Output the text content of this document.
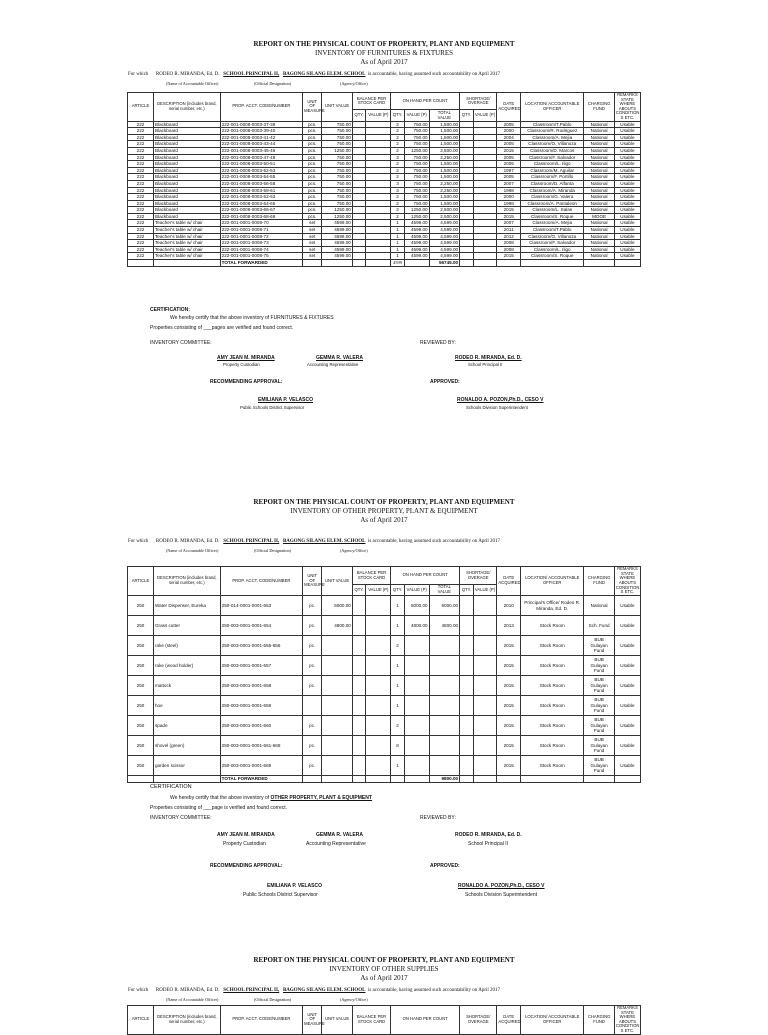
REPORT ON THE PHYSICAL COUNT OF PROPERTY, PLANT AND EQUIPMENT
INVENTORY OF FURNITURES & FIXTURES
As of April 2017
For which RODEO R. MIRANDA, Ed. D. SCHOOL PRINCIPAL II, BAGONG SILANG ELEM. SCHOOL is accountable, having assumed such accountability on April 2017
(Name of Accountable Officer)	(Official Designation)	(Agency/Office)
ARTICLE	DESCRIPTION (includes brand, serial number, etc.)	PROP. ACCT. CODE/NUMBER	UNIT OF MEASURE	UNIT VALUE	BALANCE PER STOCK CARD		ON HAND PER COUNT			SHORTAGE/ OVERAGE		DATE ACQUIRED	LOCATION/ ACCOUNTABLE OFFICER	CHARGING FUND	REMARKS STATE WHERE ABOUTS CONDITION S ETC.
					QTY.	VALUE (P)	QTY.	VALUE (P)	TOTAL VALUE	QTY.	VALUE (P)				
222	Blackboard	222-001-0008-0003-37-38	pcs.	750.00			2	750.00	1,500.00			2005	Classroom/T.Pablo	National	Usable
222	Blackboard	222-001-0008-0003-39-40	pcs.	750.00			2	750.00	1,500.00			2000	Classroom/R. Rodriguez	National	Usable
222	Blackboard	222-001-0008-0003-41-42	pcs.	750.00			2	750.00	1,500.00			2004	Classroom/A. Mejia	National	Usable
222	Blackboard	222-001-0008-0003-43-44	pcs.	750.00			2	750.00	1,500.00			2005	Classroom/O. Villanoza	National	Usable
222	Blackboard	222-001-0008-0003-45-46	pcs.	1250.00			2	1250.00	2,500.00			2015	Classroom/D. Marcos	National	Usable
222	Blackboard	222-001-0008-0003-47-49	pcs.	750.00			3	750.00	2,250.00			2005	Classroom/F. Salvador	National	Usable
222	Blackboard	222-001-0008-0003-50-51	pcs.	750.00			2	750.00	1,500.00			2005	Classroom/L. Iligo	National	Usable
222	Blackboard	222-001-0008-0003-52-53	pcs.	750.00			2	750.00	1,500.00			1997	Classroom/M. Aguilar	National	Usable
222	Blackboard	222-001-0008-0003-54-55	pcs.	750.00			2	750.00	1,500.00			2005	Classroom/F. Portillo	National	Usable
222	Blackboard	222-001-0008-0003-56-58	pcs.	750.00			3	750.00	2,250.00			2007	Classroom/D. Alfanta	National	Usable
222	Blackboard	222-001-0008-0003-59-61	pcs.	750.00			3	750.00	2,250.00			1998	Classroom/A. Miranda	National	Usable
222	Blackboard	222-001-0008-0003-62-63	pcs.	750.00			2	750.00	1,500.00			2000	Classroom/G. Valera	National	Usable
222	Blackboard	222-001-0008-0003-64-65	pcs.	750.00			2	750.00	1,500.00			1998	Classroom/A. Pantaleon	National	Usable
222	Blackboard	222-001-0008-0003-66-67	pcs.	1250.00			2	1250.00	2,500.00			2015	Classroom/L. Salas	National	Usable
222	Blackboard	222-001-0008-0003-68-69	pcs.	1250.00			2	1250.00	2,500.00			2015	Classroom/S. Roque	MOOE	Usable
222	Teacher's table w/ chair	222-001-0001-0008-70	set	4599.00			1	4599.00	4,599.00			2007	Classroom/A. Mejia	National	Usable
222	Teacher's table w/ chair	222-001-0001-0008-71	set	4599.00			1	4599.00	4,599.00			2011	Classroom/T.Pablo	National	Usable
222	Teacher's table w/ chair	222-001-0001-0008-72	set	4599.00			1	4599.00	4,599.00			2012	Classroom/O. Villanoza	National	Usable
222	Teacher's table w/ chair	222-001-0001-0008-73	set	4599.00			1	4599.00	4,599.00			2008	Classroom/F. Salvador	National	Usable
222	Teacher's table w/ chair	222-001-0001-0008-74	set	4599.00			1	4599.00	4,599.00			2008	Classroom/L. Iligo	National	Usable
222	Teacher's table w/ chair	222-001-0001-0008-75	set	4599.00			1	4599.00	4,599.00			2015	Classroom/S. Roque	National	Usable
		TOTAL FORWARDED					4599		56745.00						
CERTIFICATION:
We hereby certify that the above inventory of FURNITURES & FIXTURES
Properties consisting of ___pages are verified and found correct.
INVENTORY COMMITTEE:	REVIEWED BY:
AMY JEAN M. MIRANDA
Property Custodian
GEMMA R. VALERA
Accounting Representative
RODEO R. MIRANDA, Ed. D.
School Principal II
RECOMMENDING APPROVAL:	APPROVED:
EMILIANA P. VELASCO
Public Schools District Supervisor
RONALDO A. POZON,Ph.D., CESO V
Schools Division Superintendent
REPORT ON THE PHYSICAL COUNT OF PROPERTY, PLANT AND EQUIPMENT
INVENTORY OF OTHER PROPERTY, PLANT & EQUIPMENT
As of April 2017
For which RODEO R. MIRANDA, Ed. D. SCHOOL PRINCIPAL II, BAGONG SILANG ELEM. SCHOOL is accountable, having assumed such accountability on April 2017
(Name of Accountable Officer)	(Official Designation)	(Agency/Office)
ARTICLE	DESCRIPTION (includes brand, serial number, etc.)	PROP. ACCT. CODE/NUMBER	UNIT OF MEASURE	UNIT VALUE	BALANCE PER STOCK CARD		ON HAND PER COUNT			SHORTAGE/ OVERAGE		DATE ACQUIRED	LOCATION/ ACCOUNTABLE OFFICER	CHARGING FUND	REMARKS STATE WHERE ABOUTS CONDITION S ETC.
					QTY.	VALUE (P)	QTY.	VALUE (P)	TOTAL VALUE	QTY.	VALUE (P)				
250	Water Dispenser, Eureka	250-014-0001-0001-653	pc.	5000.00			1	5000.00	5000.00			2010	Principal's Office/ Rodeo R. Miranda, Ed. D.	National	Usable
250	Grass cutter	250-003-0001-0001-654	pc.	4800.00			1	4800.00	4800.00			2013	Stock Room	Sch. Fund	Usable
250	rake (steel)	250-003-0001-0001-655-656	pc.				2					2015	Stock Room	BUB Gulayan Fund	Usable
250	rake (wood holder)	250-003-0001-0001-657	pc.				1					2015	Stock Room	BUB Gulayan Fund	Usable
250	mattock	250-003-0001-0001-658	pc.				1					2015	Stock Room	BUB Gulayan Fund	Usable
250	hoe	250-003-0001-0001-659					1					2015	Stock Room	BUB Gulayan Fund	Usable
250	spade	250-003-0001-0001-660	pc.				2					2015	Stock Room	BUB Gulayan Fund	Usable
250	shovel (green)	250-003-0001-0001-661-668	pc.				8					2015	Stock Room	BUB Gulayan Fund	Usable
250	garden scissor	250-003-0001-0001-669	pc.				1					2015	Stock Room	BUB Gulayan Fund	Usable
		TOTAL FORWARDED							9800.00						
CERTIFICATION
We hereby certify that the above inventory of OTHER PROPERTY, PLANT & EQUIPMENT
Properties consisting of ___page is verified and found correct.
INVENTORY COMMITTEE:	REVIEWED BY:
AMY JEAN M. MIRANDA
Property Custodian
GEMMA R. VALERA
Accounting Representative
RODEO R. MIRANDA, Ed. D.
School Principal II
RECOMMENDING APPROVAL:	APPROVED:
EMILIANA P. VELASCO
Public Schools District Supervisor
RONALDO A. POZON,Ph.D., CESO V
Schools Division Superintendent
REPORT ON THE PHYSICAL COUNT OF PROPERTY, PLANT AND EQUIPMENT
INVENTORY OF OTHER SUPPLIES
As of April 2017
For which RODEO R. MIRANDA, Ed. D. SCHOOL PRINCIPAL II, BAGONG SILANG ELEM. SCHOOL is accountable, having assumed such accountability on April 2017
(Name of Accountable Officer)	(Official Designation)	(Agency/Office)
ARTICLE	DESCRIPTION (includes brand, serial number, etc.)	PROP. ACCT. CODE/NUMBER	UNIT OF MEASURE	UNIT VALUE	BALANCE PER STOCK CARD	ON HAND PER COUNT	SHORTAGE/ OVERAGE	DATE ACQUIRED	LOCATION/ ACCOUNTABLE OFFICER	CHARGING FUND	REMARKS STATE WHERE ABOUTS CONDITION S ETC.
